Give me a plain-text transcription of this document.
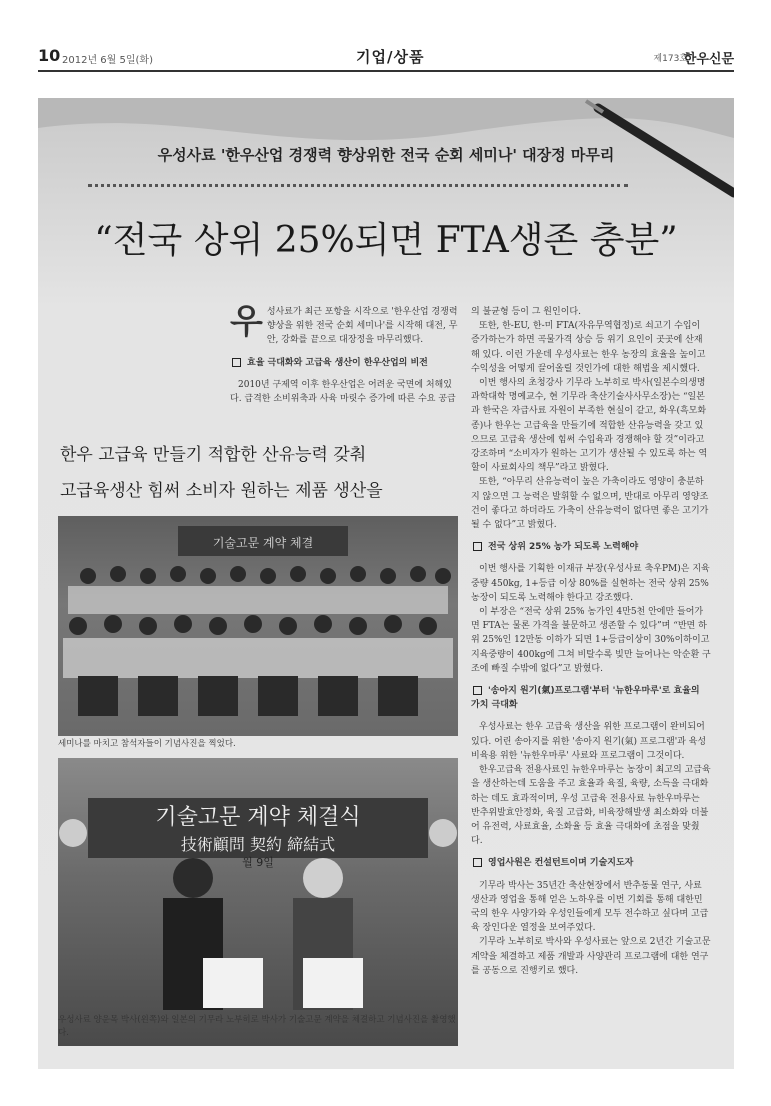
10 2012년 6월 5일(화)	기업/상품	제173호
한우신문
우성사료 '한우산업 경쟁력 향상위한 전국 순회 세미나' 대장정 마무리
“전국 상위 25%되면 FTA생존 충분”
우 성사료가 최근 포항을 시작으로 '한우산업 경쟁력 향상을 위한 전국 순회 세미나'를 시작해 대전, 무안, 강화를 끝으로 대장정을 마무리했다.

효율 극대화와 고급육 생산이 한우산업의 비전

2010년 구제역 이후 한우산업은 어려운 국면에 처해있다. 급격한 소비위축과 사육 마릿수 증가에 따른 수요 공급

한우 고급육 만들기 적합한 산유능력 갖춰
고급육생산 힘써 소비자 원하는 제품 생산을

의 불균형 등이 그 원인이다.

또한, 한-EU, 한-미 FTA(자유무역협정)로 쇠고기 수입이 증가하는가 하면 곡물가격 상승 등 위기 요인이 곳곳에 산재해 있다. 이런 가운데 우성사료는 한우 농장의 효율을 높이고 수익성을 어떻게 끌어올릴 것인가에 대한 해법을 제시했다.

이번 행사의 초청강사 기무라 노부히로 박사(일본수의생명과학대학 명예교수, 현 기무라 축산기술사사무소장)는 “일본과 한국은 자급사료 자원이 부족한 현실이 같고, 화우(흑모화종)나 한우는 고급육을 만들기에 적합한 산유능력을 갖고 있으므로 고급육 생산에 힘써 수입육과 경쟁해야 할 것”이라고 강조하며 “소비자가 원하는 고기가 생산될 수 있도록 하는 역할이 사료회사의 책무”라고 밝혔다.

또한, “아무리 산유능력이 높은 가축이라도 영양이 충분하지 않으면 그 능력은 발휘할 수 없으며, 반대로 아무리 영양조건이 좋다고 하더라도 가축이 산유능력이 없다면 좋은 고기가 될 수 없다”고 밝혔다.

전국 상위 25% 농가 되도록 노력해야

이번 행사를 기획한 이재규 부장(우성사료 축우PM)은 지육중량 450kg, 1+등급 이상 80%를 실현하는 전국 상위 25% 농장이 되도록 노력해야 한다고 강조했다.

이 부장은 “전국 상위 25% 농가인 4만5천 안에만 들어가면 FTA는 물론 가격을 불문하고 생존할 수 있다”며 “반면 하위 25%인 12만동 이하가 되면 1+등급이상이 30%이하이고 지육중량이 400kg에 그쳐 비탈수록 빚만 늘어나는 악순환 구조에 빠질 수밖에 없다”고 밝혔다.

'송아지 원기(氣)프로그램'부터 '뉴한우마루'로 효율의 가치 극대화

우성사료는 한우 고급육 생산을 위한 프로그램이 완비되어있다. 어린 송아지를 위한 '송아지 원기(氣) 프로그램'과 육성 비육용 위한 '뉴한우마루' 사료와 프로그램이 그것이다.

한우고급육 전용사료인 뉴한우마루는 농장이 최고의 고급육을 생산하는데 도움을 주고 효율과 육질, 육량, 소득을 극대화하는 데도 효과적이며, 우성 고급육 전용사료 뉴한우마루는 반추위발효안정화, 육질 고급화, 비육장해발생 최소화와 더불어 유전력, 사료효율, 소화율 등 효율 극대화에 초점을 맞췄다.

영업사원은 컨설턴트이며 기술지도자

기무라 박사는 35년간 축산현장에서 반추동물 연구, 사료 생산과 영업을 통해 얻은 노하우를 이번 기회를 통해 대한민국의 한우 사양가와 우성인들에게 모두 전수하고 싶다며 고급육 장인다운 열정을 보여주었다.

기무라 노부히로 박사와 우성사료는 앞으로 2년간 기술고문 계약을 체결하고 제품 개발과 사양관리 프로그램에 대한 연구를 공동으로 진행키로 했다.

기술고문 계약 체결
세미나를 마치고 참석자들이 기념사진을 찍었다.
기술고문 계약 체결식
技術顧問 契約 締結式
월 9일
우성사료 양운목 박사(왼쪽)와 일본의 기무라 노부히로 박사가 기술고문 계약을 체결하고 기념사진을 촬영했다.
